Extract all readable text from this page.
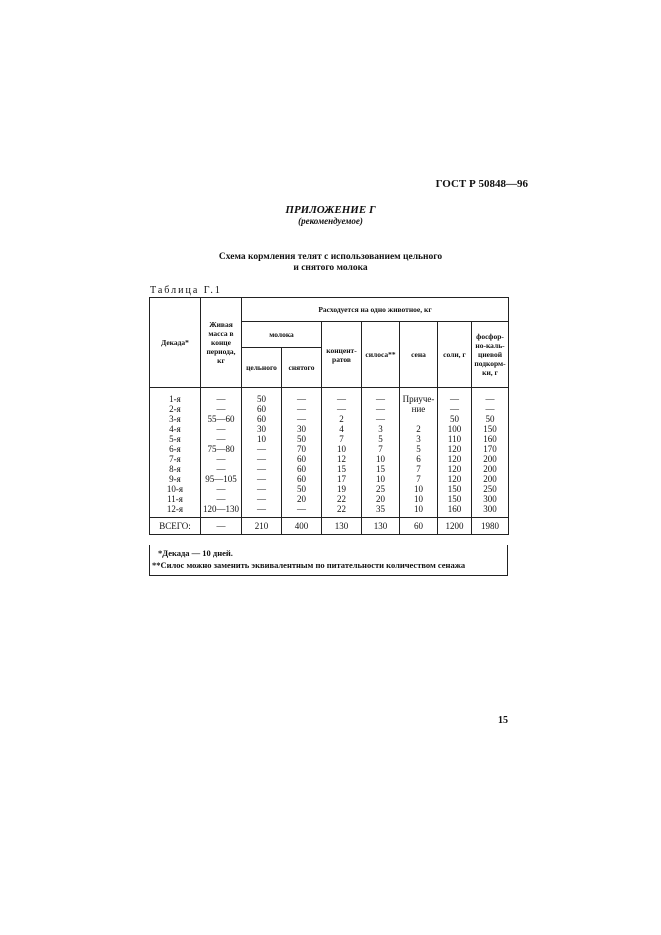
ГОСТ Р 50848—96
ПРИЛОЖЕНИЕ Г
(рекомендуемое)
Схема кормления телят с использованием цельного
и снятого молока
Таблица Г.1
Декада*	Живая масса в конце периода, кг	Расходуется на одно животное, кг						
		молока		концент-ратов	силоса**	сена	соли, г	фосфор-но-каль-циевой подкорм-ки, г
		цельного	снятого					
1-я	—	50	—	—	—	Приуче-	—	—
2-я	—	60	—	—	—	ние	—	—
3-я	55—60	60	—	2	—		50	50
4-я	—	30	30	4	3	2	100	150
5-я	—	10	50	7	5	3	110	160
6-я	75—80	—	70	10	7	5	120	170
7-я	—	—	60	12	10	6	120	200
8-я	—	—	60	15	15	7	120	200
9-я	95—105	—	60	17	10	7	120	200
10-я	—	—	50	19	25	10	150	250
11-я	—	—	20	22	20	10	150	300
12-я	120—130	—	—	22	35	10	160	300
ВСЕГО:	—	210	400	130	130	60	1200	1980
*Декада — 10 дней.
**Силос можно заменить эквивалентным по питательности количеством сенажа
15
